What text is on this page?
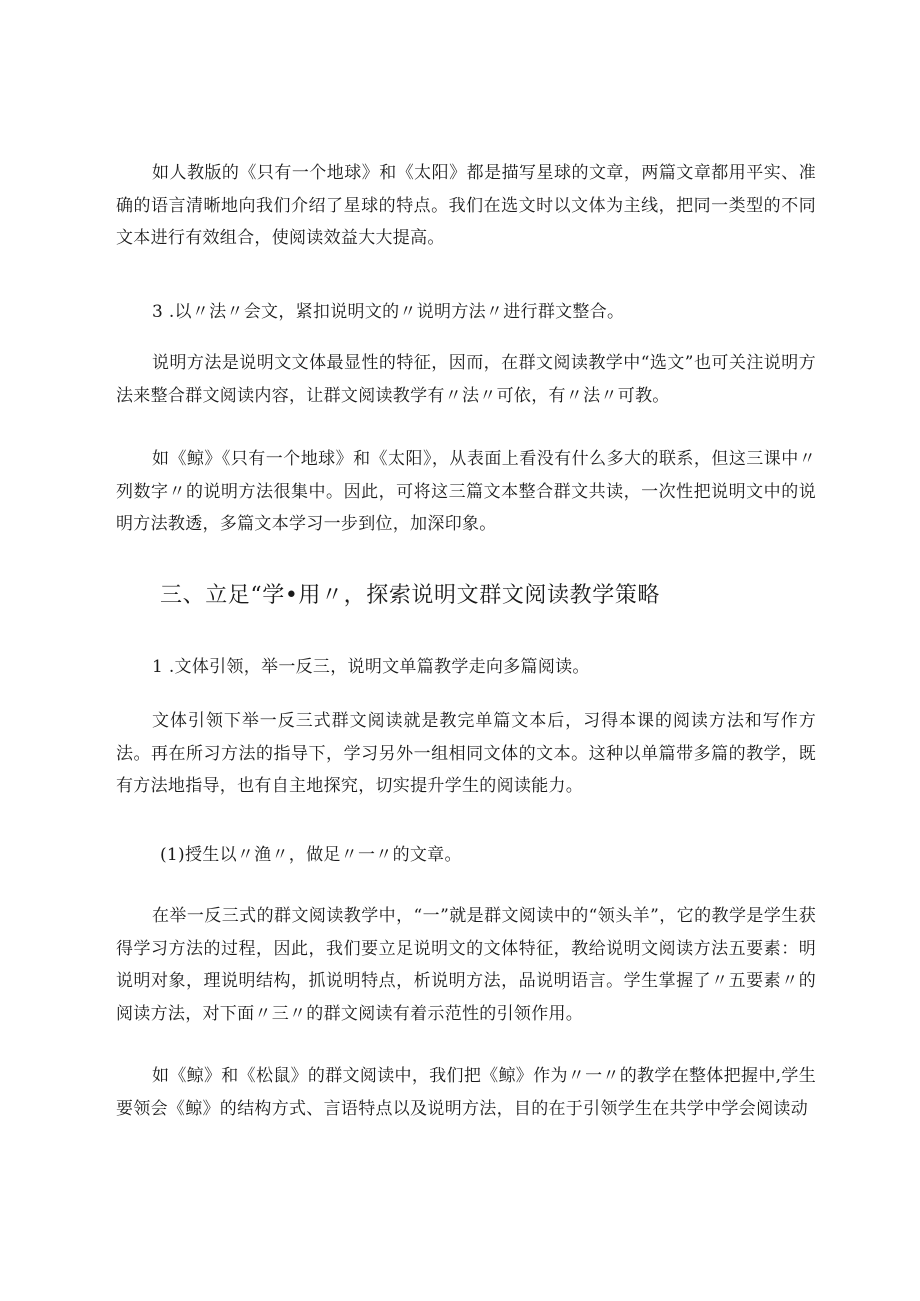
如人教版的《只有一个地球》和《太阳》都是描写星球的文章，两篇文章都用平实、准确的语言清晰地向我们介绍了星球的特点。我们在选文时以文体为主线，把同一类型的不同文本进行有效组合，使阅读效益大大提高。

3 .以〃法〃会文，紧扣说明文的〃说明方法〃进行群文整合。

说明方法是说明文文体最显性的特征，因而，在群文阅读教学中“选文”也可关注说明方法来整合群文阅读内容，让群文阅读教学有〃法〃可依，有〃法〃可教。

如《鲸》《只有一个地球》和《太阳》，从表面上看没有什么多大的联系，但这三课中〃列数字〃的说明方法很集中。因此，可将这三篇文本整合群文共读，一次性把说明文中的说明方法教透，多篇文本学习一步到位，加深印象。

三、立足“学•用〃，探索说明文群文阅读教学策略

1 .文体引领，举一反三，说明文单篇教学走向多篇阅读。

文体引领下举一反三式群文阅读就是教完单篇文本后，习得本课的阅读方法和写作方法。再在所习方法的指导下，学习另外一组相同文体的文本。这种以单篇带多篇的教学，既有方法地指导，也有自主地探究，切实提升学生的阅读能力。

(1)授生以〃渔〃，做足〃一〃的文章。

在举一反三式的群文阅读教学中，“一”就是群文阅读中的“领头羊”，它的教学是学生获得学习方法的过程，因此，我们要立足说明文的文体特征，教给说明文阅读方法五要素：明说明对象，理说明结构，抓说明特点，析说明方法，品说明语言。学生掌握了〃五要素〃的阅读方法，对下面〃三〃的群文阅读有着示范性的引领作用。

如《鲸》和《松鼠》的群文阅读中，我们把《鲸》作为〃一〃的教学在整体把握中,学生要领会《鲸》的结构方式、言语特点以及说明方法，目的在于引领学生在共学中学会阅读动
